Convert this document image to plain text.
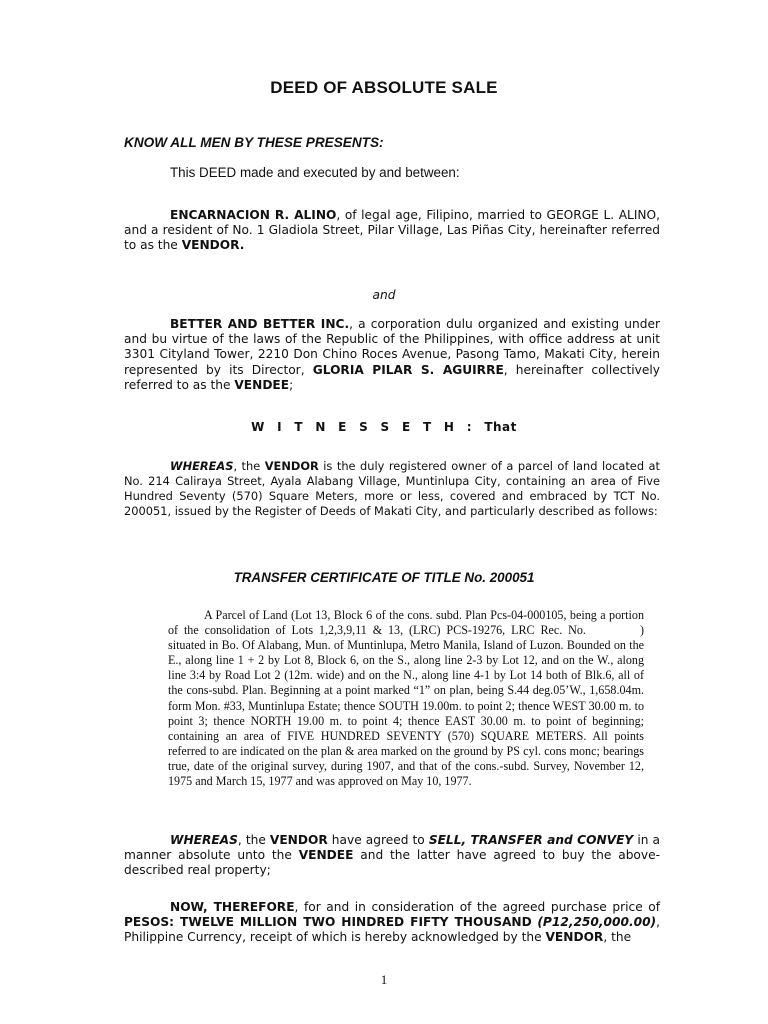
DEED OF ABSOLUTE SALE
KNOW ALL MEN BY THESE PRESENTS:
This DEED made and executed by and between:
ENCARNACION R. ALINO, of legal age, Filipino, married to GEORGE L. ALINO, and a resident of No. 1 Gladiola Street, Pilar Village, Las Piñas City, hereinafter referred to as the VENDOR.
and
BETTER AND BETTER INC., a corporation dulu organized and existing under and bu virtue of the laws of the Republic of the Philippines, with office address at unit 3301 Cityland Tower, 2210 Don Chino Roces Avenue, Pasong Tamo, Makati City, herein represented by its Director, GLORIA PILAR S. AGUIRRE, hereinafter collectively referred to as the VENDEE;
W I T N E S S E T H : That
WHEREAS, the VENDOR is the duly registered owner of a parcel of land located at No. 214 Caliraya Street, Ayala Alabang Village, Muntinlupa City, containing an area of Five Hundred Seventy (570) Square Meters, more or less, covered and embraced by TCT No. 200051, issued by the Register of Deeds of Makati City, and particularly described as follows:
TRANSFER CERTIFICATE OF TITLE No. 200051
A Parcel of Land (Lot 13, Block 6 of the cons. subd. Plan Pcs-04-000105, being a portion of the consolidation of Lots 1,2,3,9,11 & 13, (LRC) PCS-19276, LRC Rec. No.	) situated in Bo. Of Alabang, Mun. of Muntinlupa, Metro Manila, Island of Luzon. Bounded on the E., along line 1 + 2 by Lot 8, Block 6, on the S., along line 2-3 by Lot 12, and on the W., along line 3:4 by Road Lot 2 (12m. wide) and on the N., along line 4-1 by Lot 14 both of Blk.6, all of the cons-subd. Plan. Beginning at a point marked “1” on plan, being S.44 deg.05’W., 1,658.04m. form Mon. #33, Muntinlupa Estate; thence SOUTH 19.00m. to point 2; thence WEST 30.00 m. to point 3; thence NORTH 19.00 m. to point 4; thence EAST 30.00 m. to point of beginning; containing an area of FIVE HUNDRED SEVENTY (570) SQUARE METERS. All points referred to are indicated on the plan & area marked on the ground by PS cyl. cons monc; bearings true, date of the original survey, during 1907, and that of the cons.-subd. Survey, November 12, 1975 and March 15, 1977 and was approved on May 10, 1977.
WHEREAS, the VENDOR have agreed to SELL, TRANSFER and CONVEY in a manner absolute unto the VENDEE and the latter have agreed to buy the above-described real property;
NOW, THEREFORE, for and in consideration of the agreed purchase price of PESOS: TWELVE MILLION TWO HINDRED FIFTY THOUSAND (P12,250,000.00), Philippine Currency, receipt of which is hereby acknowledged by the VENDOR, the
1
